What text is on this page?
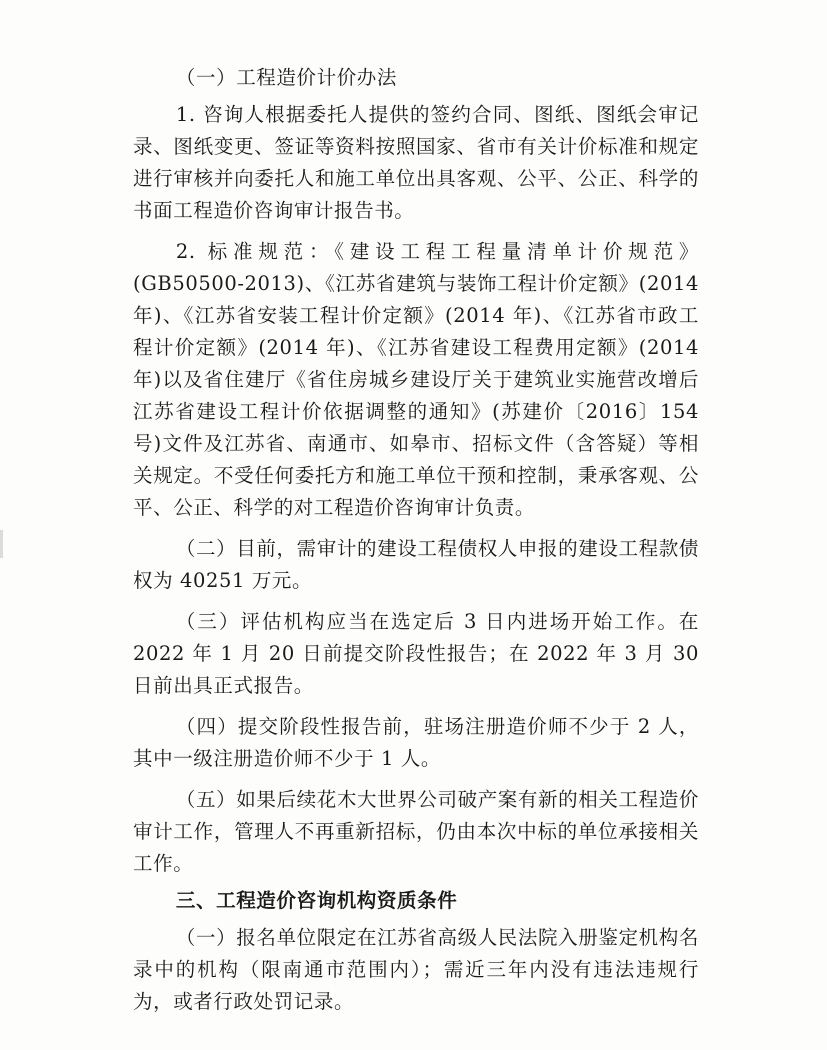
（一）工程造价计价办法

1. 咨询人根据委托人提供的签约合同、图纸、图纸会审记录、图纸变更、签证等资料按照国家、省市有关计价标准和规定进行审核并向委托人和施工单位出具客观、公平、公正、科学的书面工程造价咨询审计报告书。

2. 标准规范：《建设工程工程量清单计价规范》(GB50500-2013)、《江苏省建筑与装饰工程计价定额》(2014年)、《江苏省安装工程计价定额》(2014 年)、《江苏省市政工程计价定额》(2014 年)、《江苏省建设工程费用定额》(2014 年)以及省住建厅《省住房城乡建设厅关于建筑业实施营改增后江苏省建设工程计价依据调整的通知》(苏建价〔2016〕154 号)文件及江苏省、南通市、如皋市、招标文件（含答疑）等相关规定。不受任何委托方和施工单位干预和控制，秉承客观、公平、公正、科学的对工程造价咨询审计负责。

（二）目前，需审计的建设工程债权人申报的建设工程款债权为 40251 万元。

（三）评估机构应当在选定后 3 日内进场开始工作。在 2022 年 1 月 20 日前提交阶段性报告；在 2022 年 3 月 30 日前出具正式报告。

（四）提交阶段性报告前，驻场注册造价师不少于 2 人，其中一级注册造价师不少于 1 人。

（五）如果后续花木大世界公司破产案有新的相关工程造价审计工作，管理人不再重新招标，仍由本次中标的单位承接相关工作。

三、工程造价咨询机构资质条件

（一）报名单位限定在江苏省高级人民法院入册鉴定机构名录中的机构（限南通市范围内）；需近三年内没有违法违规行为，或者行政处罚记录。
